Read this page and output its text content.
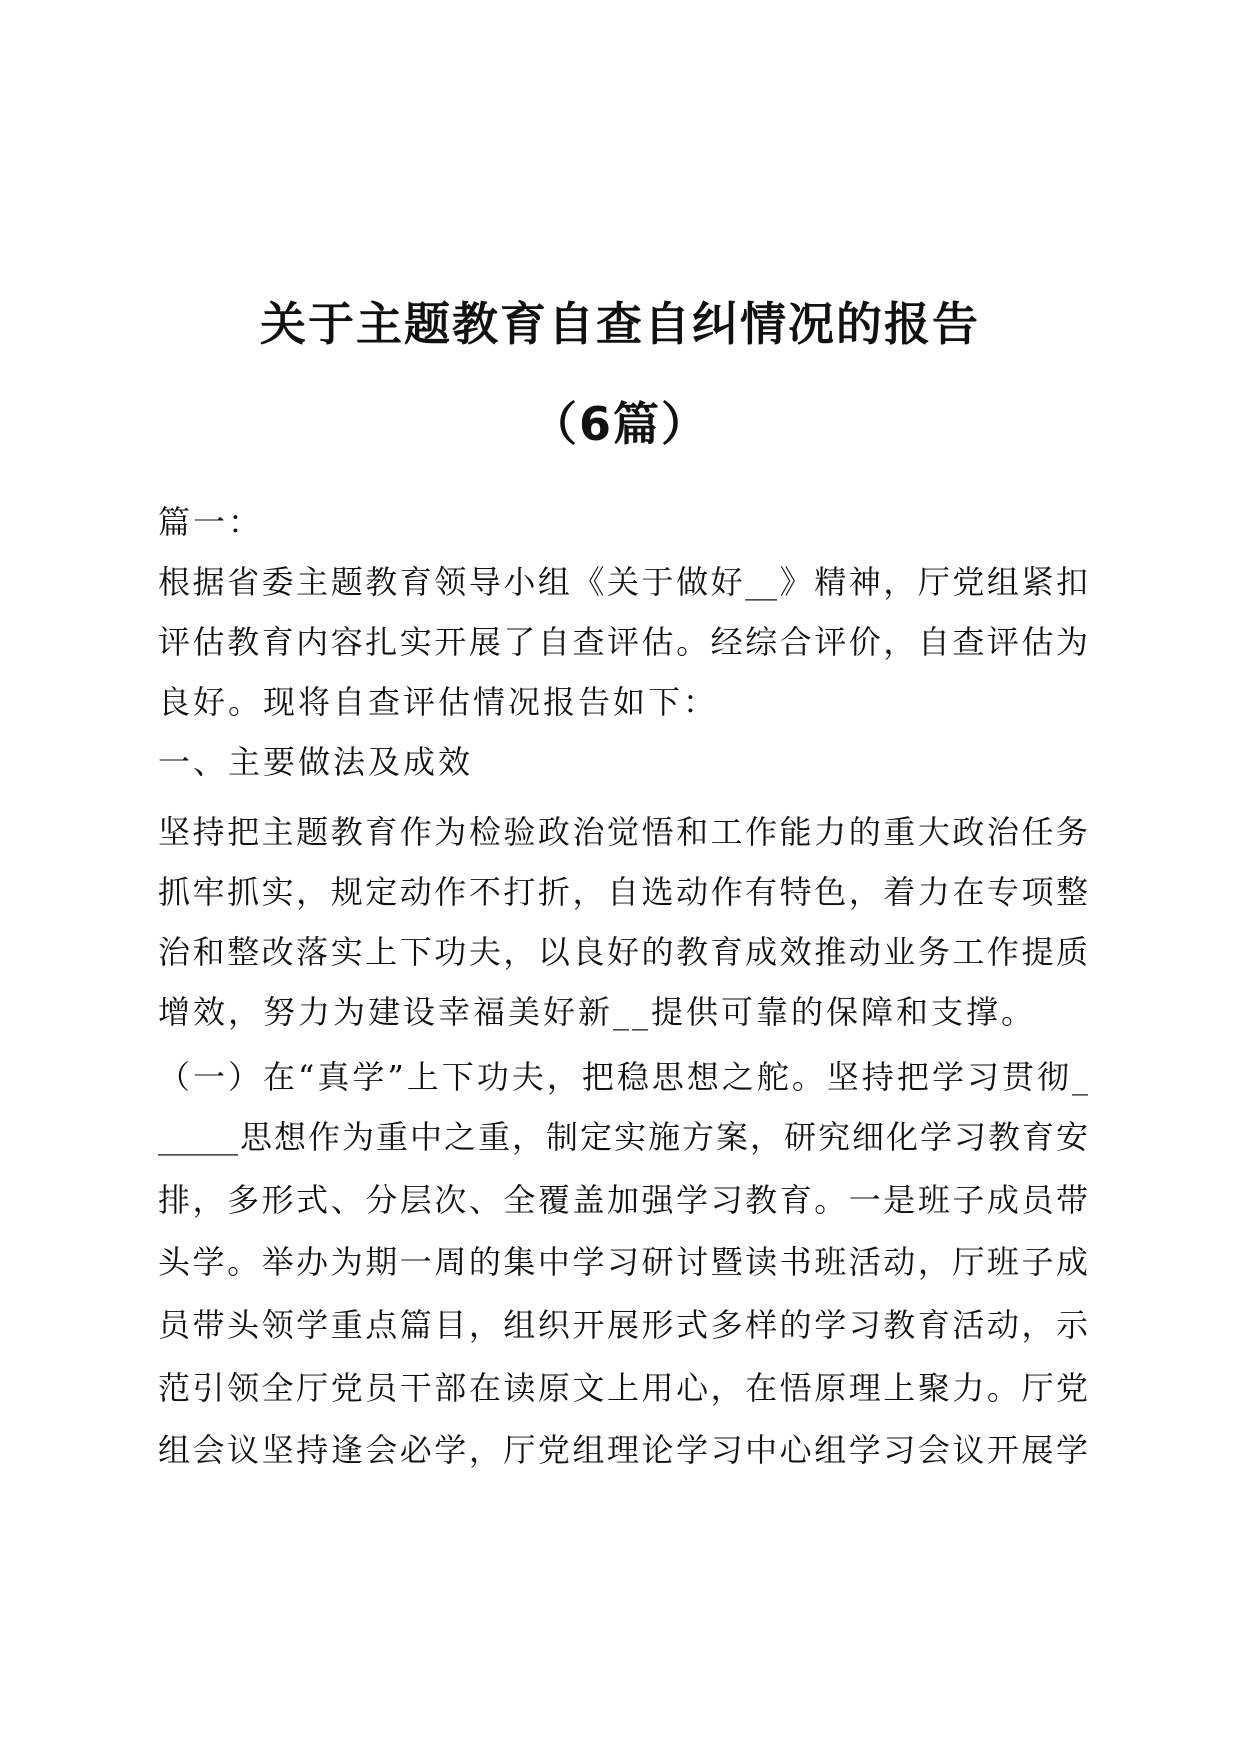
关于主题教育自查自纠情况的报告
（6篇）
篇一：
根据省委主题教育领导小组《关于做好__》精神，厅党组紧扣
评估教育内容扎实开展了自查评估。经综合评价，自查评估为
良好。现将自查评估情况报告如下：
一、主要做法及成效
坚持把主题教育作为检验政治觉悟和工作能力的重大政治任务
抓牢抓实，规定动作不打折，自选动作有特色，着力在专项整
治和整改落实上下功夫，以良好的教育成效推动业务工作提质
增效，努力为建设幸福美好新__提供可靠的保障和支撑。
（一）在“真学”上下功夫，把稳思想之舵。坚持把学习贯彻_
_____思想作为重中之重，制定实施方案，研究细化学习教育安
排，多形式、分层次、全覆盖加强学习教育。一是班子成员带
头学。举办为期一周的集中学习研讨暨读书班活动，厅班子成
员带头领学重点篇目，组织开展形式多样的学习教育活动，示
范引领全厅党员干部在读原文上用心，在悟原理上聚力。厅党
组会议坚持逢会必学，厅党组理论学习中心组学习会议开展学
